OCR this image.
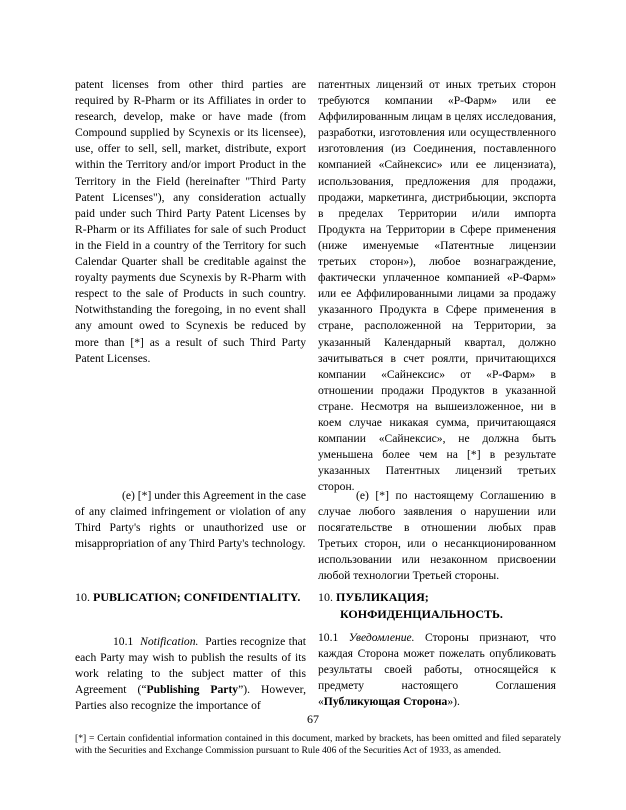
patent licenses from other third parties are required by R-Pharm or its Affiliates in order to research, develop, make or have made (from Compound supplied by Scynexis or its licensee), use, offer to sell, sell, market, distribute, export within the Territory and/or import Product in the Territory in the Field (hereinafter "Third Party Patent Licenses"), any consideration actually paid under such Third Party Patent Licenses by R-Pharm or its Affiliates for sale of such Product in the Field in a country of the Territory for such Calendar Quarter shall be creditable against the royalty payments due Scynexis by R-Pharm with respect to the sale of Products in such country. Notwithstanding the foregoing, in no event shall any amount owed to Scynexis be reduced by more than [*] as a result of such Third Party Patent Licenses.

(e) [*] under this Agreement in the case of any claimed infringement or violation of any Third Party's rights or unauthorized use or misappropriation of any Third Party's technology.

10. PUBLICATION; CONFIDENTIALITY.

10.1 Notification. Parties recognize that each Party may wish to publish the results of its work relating to the subject matter of this Agreement (“Publishing Party”). However, Parties also recognize the importance of

патентных лицензий от иных третьих сторон требуются компании «Р-Фарм» или ее Аффилированным лицам в целях исследования, разработки, изготовления или осуществленного изготовления (из Соединения, поставленного компанией «Сайнексис» или ее лицензиата), использования, предложения для продажи, продажи, маркетинга, дистрибьюции, экспорта в пределах Территории и/или импорта Продукта на Территории в Сфере применения (ниже именуемые «Патентные лицензии третьих сторон»), любое вознаграждение, фактически уплаченное компанией «Р-Фарм» или ее Аффилированными лицами за продажу указанного Продукта в Сфере применения в стране, расположенной на Территории, за указанный Календарный квартал, должно зачитываться в счет роялти, причитающихся компании «Сайнексис» от «Р-Фарм» в отношении продажи Продуктов в указанной стране. Несмотря на вышеизложенное, ни в коем случае никакая сумма, причитающаяся компании «Сайнексис», не должна быть уменьшена более чем на [*] в результате указанных Патентных лицензий третьих сторон.

(e) [*] по настоящему Соглашению в случае любого заявления о нарушении или посягательстве в отношении любых прав Третьих сторон, или о несанкционированном использовании или незаконном присвоении любой технологии Третьей стороны.

10. ПУБЛИКАЦИЯ;
КОНФИДЕНЦИАЛЬНОСТЬ.

10.1 Уведомление. Стороны признают, что каждая Сторона может пожелать опубликовать результаты своей работы, относящейся к предмету настоящего Соглашения «Публикующая Сторона»).

67
[*] = Certain confidential information contained in this document, marked by brackets, has been omitted and filed separately with the Securities and Exchange Commission pursuant to Rule 406 of the Securities Act of 1933, as amended.
